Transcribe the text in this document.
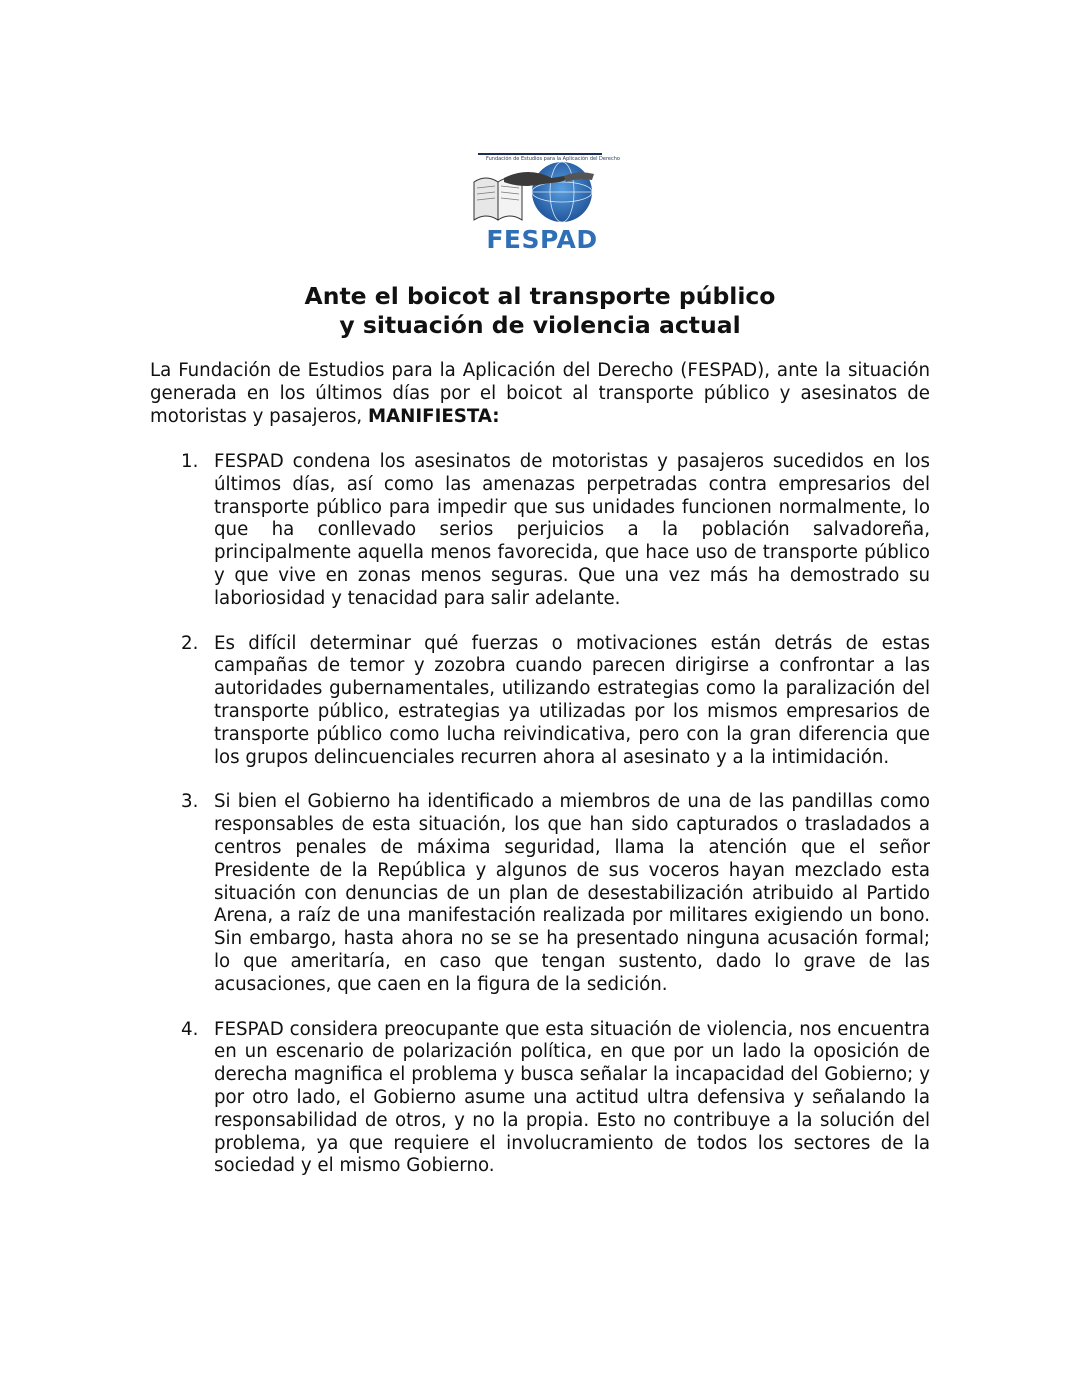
Fundación de Estudios para la Aplicación del Derecho
FESPAD
Ante el boicot al transporte público
y situación de violencia actual

La Fundación de Estudios para la Aplicación del Derecho (FESPAD), ante la situación generada en los últimos días por el boicot al transporte público y asesinatos de motoristas y pasajeros, MANIFIESTA:

1. FESPAD condena los asesinatos de motoristas y pasajeros sucedidos en los últimos días, así como las amenazas perpetradas contra empresarios del transporte público para impedir que sus unidades funcionen normalmente, lo que ha conllevado serios perjuicios a la población salvadoreña, principalmente aquella menos favorecida, que hace uso de transporte público y que vive en zonas menos seguras. Que una vez más ha demostrado su laboriosidad y tenacidad para salir adelante.
2. Es difícil determinar qué fuerzas o motivaciones están detrás de estas campañas de temor y zozobra cuando parecen dirigirse a confrontar a las autoridades gubernamentales, utilizando estrategias como la paralización del transporte público, estrategias ya utilizadas por los mismos empresarios de transporte público como lucha reivindicativa, pero con la gran diferencia que los grupos delincuenciales recurren ahora al asesinato y a la intimidación.
3. Si bien el Gobierno ha identificado a miembros de una de las pandillas como responsables de esta situación, los que han sido capturados o trasladados a centros penales de máxima seguridad, llama la atención que el señor Presidente de la República y algunos de sus voceros hayan mezclado esta situación con denuncias de un plan de desestabilización atribuido al Partido Arena, a raíz de una manifestación realizada por militares exigiendo un bono. Sin embargo, hasta ahora no se se ha presentado ninguna acusación formal; lo que ameritaría, en caso que tengan sustento, dado lo grave de las acusaciones, que caen en la figura de la sedición.
4. FESPAD considera preocupante que esta situación de violencia, nos encuentra en un escenario de polarización política, en que por un lado la oposición de derecha magnifica el problema y busca señalar la incapacidad del Gobierno; y por otro lado, el Gobierno asume una actitud ultra defensiva y señalando la responsabilidad de otros, y no la propia. Esto no contribuye a la solución del problema, ya que requiere el involucramiento de todos los sectores de la sociedad y el mismo Gobierno.
